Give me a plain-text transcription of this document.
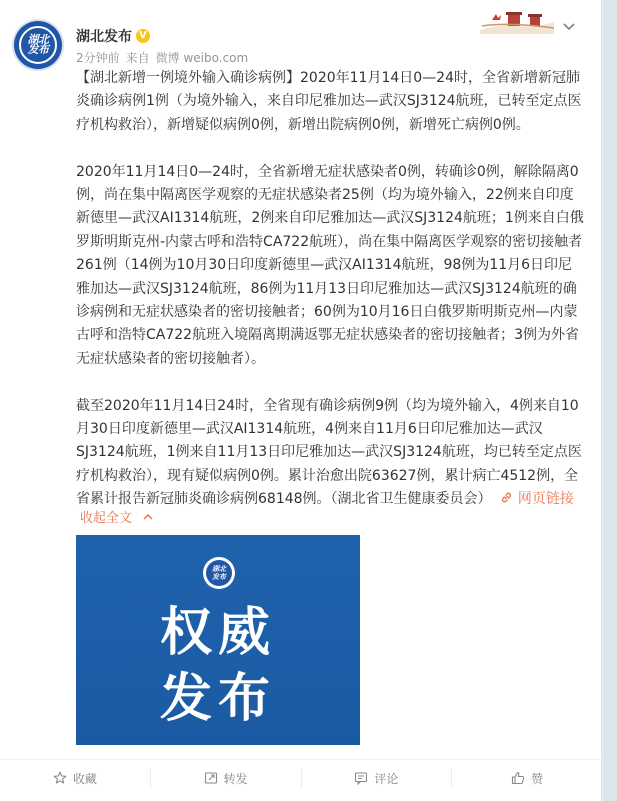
湖北
发布
湖北发布 V
2分钟前 来自 微博 weibo.com

【湖北新增一例境外输入确诊病例】2020年11月14日0—24时，全省新增新冠肺炎确诊病例1例（为境外输入，来自印尼雅加达—武汉SJ3124航班，已转至定点医疗机构救治），新增疑似病例0例，新增出院病例0例，新增死亡病例0例。

2020年11月14日0—24时，全省新增无症状感染者0例，转确诊0例，解除隔离0例，尚在集中隔离医学观察的无症状感染者25例（均为境外输入，22例来自印度新德里—武汉AI1314航班，2例来自印尼雅加达—武汉SJ3124航班；1例来自白俄罗斯明斯克州-内蒙古呼和浩特CA722航班），尚在集中隔离医学观察的密切接触者261例（14例为10月30日印度新德里—武汉AI1314航班，98例为11月6日印尼雅加达—武汉SJ3124航班，86例为11月13日印尼雅加达—武汉SJ3124航班的确诊病例和无症状感染者的密切接触者；60例为10月16日白俄罗斯明斯克州—内蒙古呼和浩特CA722航班入境隔离期满返鄂无症状感染者的密切接触者；3例为外省无症状感染者的密切接触者）。

截至2020年11月14日24时，全省现有确诊病例9例（均为境外输入，4例来自10月30日印度新德里—武汉AI1314航班，4例来自11月6日印尼雅加达—武汉SJ3124航班，1例来自11月13日印尼雅加达—武汉SJ3124航班，均已转至定点医疗机构救治），现有疑似病例0例。累计治愈出院63627例，累计病亡4512例，全省累计报告新冠肺炎确诊病例68148例。（湖北省卫生健康委员会） 网页链接

收起全文
湖北
发布
权威
发布
收藏	转发	评论	赞
